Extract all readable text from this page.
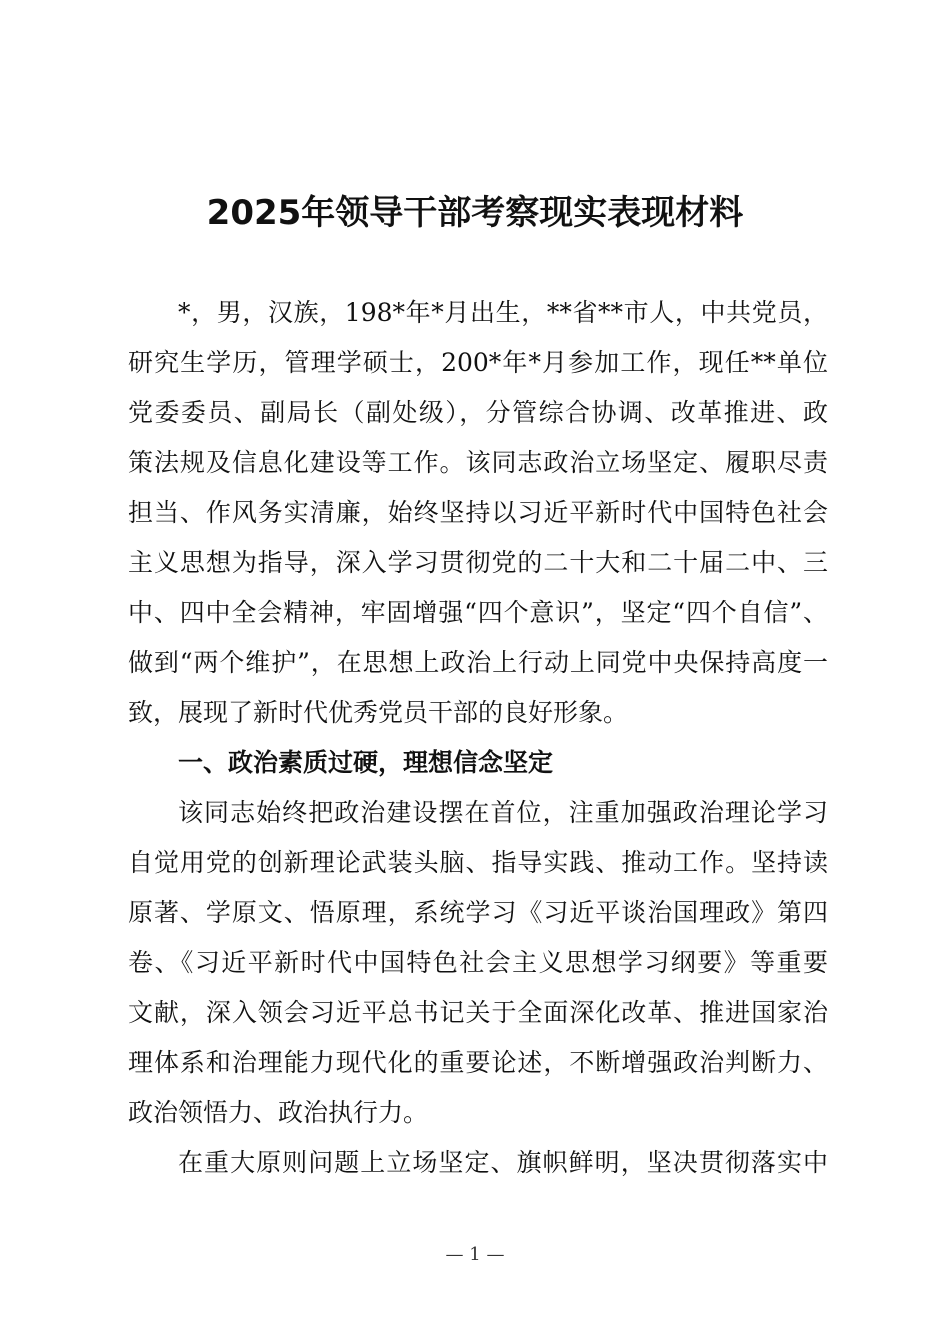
2025年领导干部考察现实表现材料
*，男，汉族，198*年*月出生，**省**市人，中共党员，
研究生学历，管理学硕士，200*年*月参加工作，现任**单位
党委委员、副局长（副处级），分管综合协调、改革推进、政
策法规及信息化建设等工作。该同志政治立场坚定、履职尽责
担当、作风务实清廉，始终坚持以习近平新时代中国特色社会
主义思想为指导，深入学习贯彻党的二十大和二十届二中、三
中、四中全会精神，牢固增强“四个意识”，坚定“四个自信”、
做到“两个维护”，在思想上政治上行动上同党中央保持高度一
致，展现了新时代优秀党员干部的良好形象。
一、政治素质过硬，理想信念坚定
该同志始终把政治建设摆在首位，注重加强政治理论学习
自觉用党的创新理论武装头脑、指导实践、推动工作。坚持读
原著、学原文、悟原理，系统学习《习近平谈治国理政》第四
卷、《习近平新时代中国特色社会主义思想学习纲要》等重要
文献，深入领会习近平总书记关于全面深化改革、推进国家治
理体系和治理能力现代化的重要论述，不断增强政治判断力、
政治领悟力、政治执行力。
在重大原则问题上立场坚定、旗帜鲜明，坚决贯彻落实中
— 1 —
